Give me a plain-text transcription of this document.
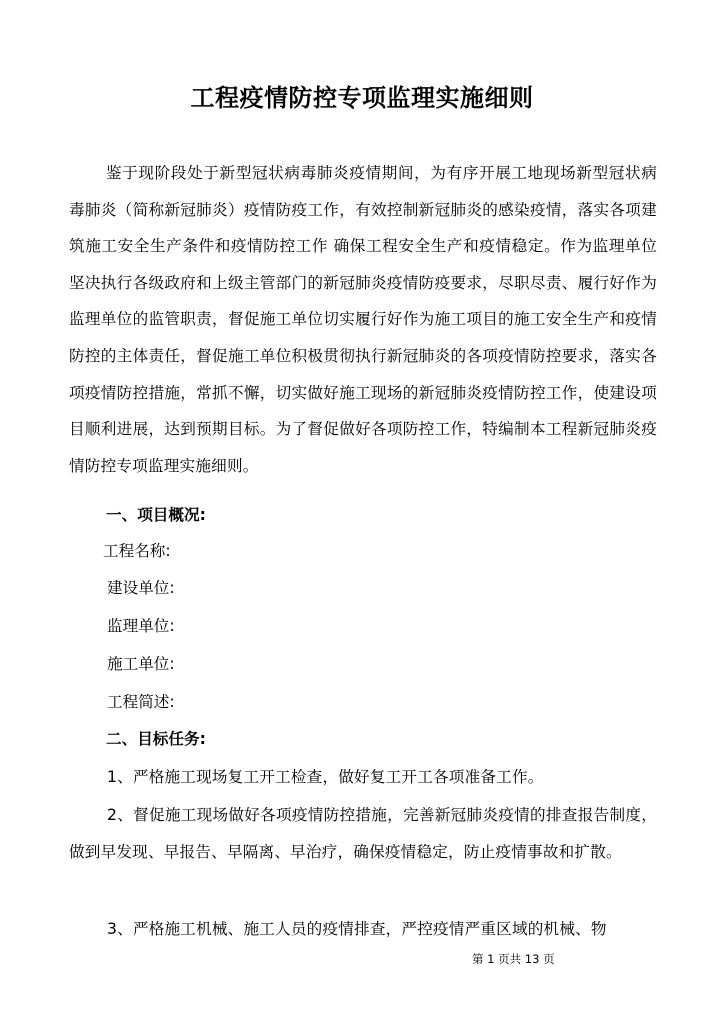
工程疫情防控专项监理实施细则
鉴于现阶段处于新型冠状病毒肺炎疫情期间，为有序开展工地现场新型冠状病毒肺炎（简称新冠肺炎）疫情防疫工作，有效控制新冠肺炎的感染疫情，落实各项建筑施工安全生产条件和疫情防控工作 确保工程安全生产和疫情稳定。作为监理单位坚决执行各级政府和上级主管部门的新冠肺炎疫情防疫要求，尽职尽责、履行好作为监理单位的监管职责，督促施工单位切实履行好作为施工项目的施工安全生产和疫情防控的主体责任，督促施工单位积极贯彻执行新冠肺炎的各项疫情防控要求，落实各项疫情防控措施，常抓不懈，切实做好施工现场的新冠肺炎疫情防控工作，使建设项目顺利进展，达到预期目标。为了督促做好各项防控工作，特编制本工程新冠肺炎疫情防控专项监理实施细则。
一、项目概况:
工程名称:
建设单位:
监理单位:
施工单位:
工程简述:
二、目标任务:
1、严格施工现场复工开工检查，做好复工开工各项准备工作。
2、督促施工现场做好各项疫情防控措施，完善新冠肺炎疫情的排查报告制度，做到早发现、早报告、早隔离、早治疗，确保疫情稳定，防止疫情事故和扩散。
3、严格施工机械、施工人员的疫情排查，严控疫情严重区域的机械、物
第 1 页共 13 页
